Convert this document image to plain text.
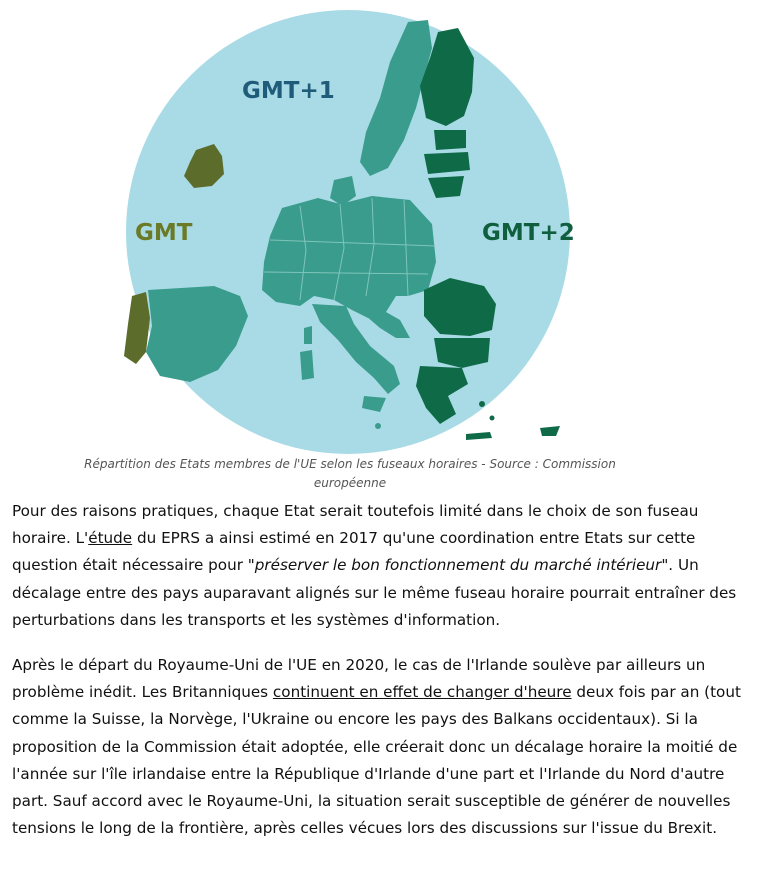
GMT+1
GMT	GMT+2
Répartition des Etats membres de l'UE selon les fuseaux horaires - Source : Commission européenne

Pour des raisons pratiques, chaque Etat serait toutefois limité dans le choix de son fuseau horaire. L'étude du EPRS a ainsi estimé en 2017 qu'une coordination entre Etats sur cette question était nécessaire pour "préserver le bon fonctionnement du marché intérieur". Un décalage entre des pays auparavant alignés sur le même fuseau horaire pourrait entraîner des perturbations dans les transports et les systèmes d'information.

Après le départ du Royaume-Uni de l'UE en 2020, le cas de l'Irlande soulève par ailleurs un problème inédit. Les Britanniques continuent en effet de changer d'heure deux fois par an (tout comme la Suisse, la Norvège, l'Ukraine ou encore les pays des Balkans occidentaux). Si la proposition de la Commission était adoptée, elle créerait donc un décalage horaire la moitié de l'année sur l'île irlandaise entre la République d'Irlande d'une part et l'Irlande du Nord d'autre part. Sauf accord avec le Royaume-Uni, la situation serait susceptible de générer de nouvelles tensions le long de la frontière, après celles vécues lors des discussions sur l'issue du Brexit.
